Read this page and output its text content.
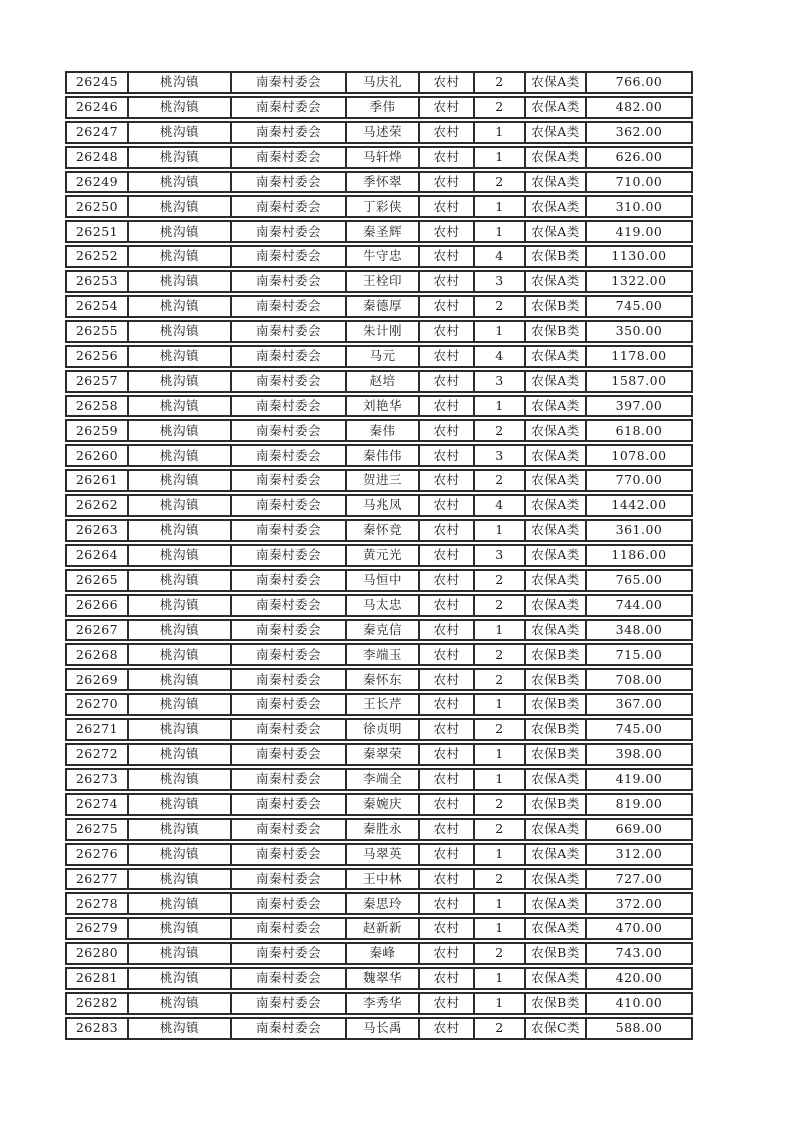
26245	桃沟镇	南秦村委会	马庆礼	农村	2	农保A类	766.00
26246	桃沟镇	南秦村委会	季伟	农村	2	农保A类	482.00
26247	桃沟镇	南秦村委会	马述荣	农村	1	农保A类	362.00
26248	桃沟镇	南秦村委会	马轩烨	农村	1	农保A类	626.00
26249	桃沟镇	南秦村委会	季怀翠	农村	2	农保A类	710.00
26250	桃沟镇	南秦村委会	丁彩侠	农村	1	农保A类	310.00
26251	桃沟镇	南秦村委会	秦圣辉	农村	1	农保A类	419.00
26252	桃沟镇	南秦村委会	牛守忠	农村	4	农保B类	1130.00
26253	桃沟镇	南秦村委会	王栓印	农村	3	农保A类	1322.00
26254	桃沟镇	南秦村委会	秦德厚	农村	2	农保B类	745.00
26255	桃沟镇	南秦村委会	朱计刚	农村	1	农保B类	350.00
26256	桃沟镇	南秦村委会	马元	农村	4	农保A类	1178.00
26257	桃沟镇	南秦村委会	赵培	农村	3	农保A类	1587.00
26258	桃沟镇	南秦村委会	刘艳华	农村	1	农保A类	397.00
26259	桃沟镇	南秦村委会	秦伟	农村	2	农保A类	618.00
26260	桃沟镇	南秦村委会	秦伟伟	农村	3	农保A类	1078.00
26261	桃沟镇	南秦村委会	贺进三	农村	2	农保A类	770.00
26262	桃沟镇	南秦村委会	马兆凤	农村	4	农保A类	1442.00
26263	桃沟镇	南秦村委会	秦怀竞	农村	1	农保A类	361.00
26264	桃沟镇	南秦村委会	黄元光	农村	3	农保A类	1186.00
26265	桃沟镇	南秦村委会	马恒中	农村	2	农保A类	765.00
26266	桃沟镇	南秦村委会	马太忠	农村	2	农保A类	744.00
26267	桃沟镇	南秦村委会	秦克信	农村	1	农保A类	348.00
26268	桃沟镇	南秦村委会	李端玉	农村	2	农保B类	715.00
26269	桃沟镇	南秦村委会	秦怀东	农村	2	农保B类	708.00
26270	桃沟镇	南秦村委会	王长芹	农村	1	农保B类	367.00
26271	桃沟镇	南秦村委会	徐贞明	农村	2	农保B类	745.00
26272	桃沟镇	南秦村委会	秦翠荣	农村	1	农保B类	398.00
26273	桃沟镇	南秦村委会	李端全	农村	1	农保A类	419.00
26274	桃沟镇	南秦村委会	秦婉庆	农村	2	农保B类	819.00
26275	桃沟镇	南秦村委会	秦胜永	农村	2	农保A类	669.00
26276	桃沟镇	南秦村委会	马翠英	农村	1	农保A类	312.00
26277	桃沟镇	南秦村委会	王中林	农村	2	农保A类	727.00
26278	桃沟镇	南秦村委会	秦思玲	农村	1	农保A类	372.00
26279	桃沟镇	南秦村委会	赵新新	农村	1	农保A类	470.00
26280	桃沟镇	南秦村委会	秦峰	农村	2	农保B类	743.00
26281	桃沟镇	南秦村委会	魏翠华	农村	1	农保A类	420.00
26282	桃沟镇	南秦村委会	李秀华	农村	1	农保B类	410.00
26283	桃沟镇	南秦村委会	马长禹	农村	2	农保C类	588.00
